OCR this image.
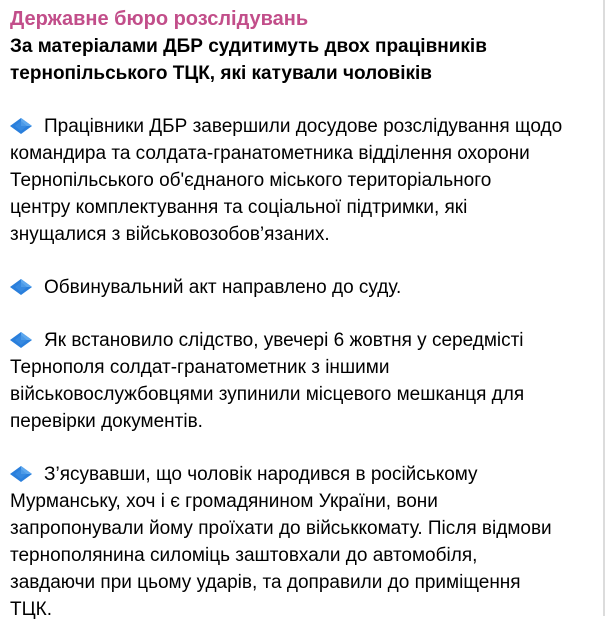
Державне бюро розслідувань
За матеріалами ДБР судитимуть двох працівників
тернопільського ТЦК, які катували чоловіків
Працівники ДБР завершили досудове розслідування щодо
командира та солдата-гранатометника відділення охорони
Тернопільського об'єднаного міського територіального
центру комплектування та соціальної підтримки, які
знущалися з військовозобов’язаних.
Обвинувальний акт направлено до суду.
Як встановило слідство, увечері 6 жовтня у середмісті
Тернополя солдат-гранатометник з іншими
військовослужбовцями зупинили місцевого мешканця для
перевірки документів.
З’ясувавши, що чоловік народився в російському
Мурманську, хоч і є громадянином України, вони
запропонували йому проїхати до військкомату. Після відмови
тернополянина силоміць заштовхали до автомобіля,
завдаючи при цьому ударів, та доправили до приміщення
ТЦК.
